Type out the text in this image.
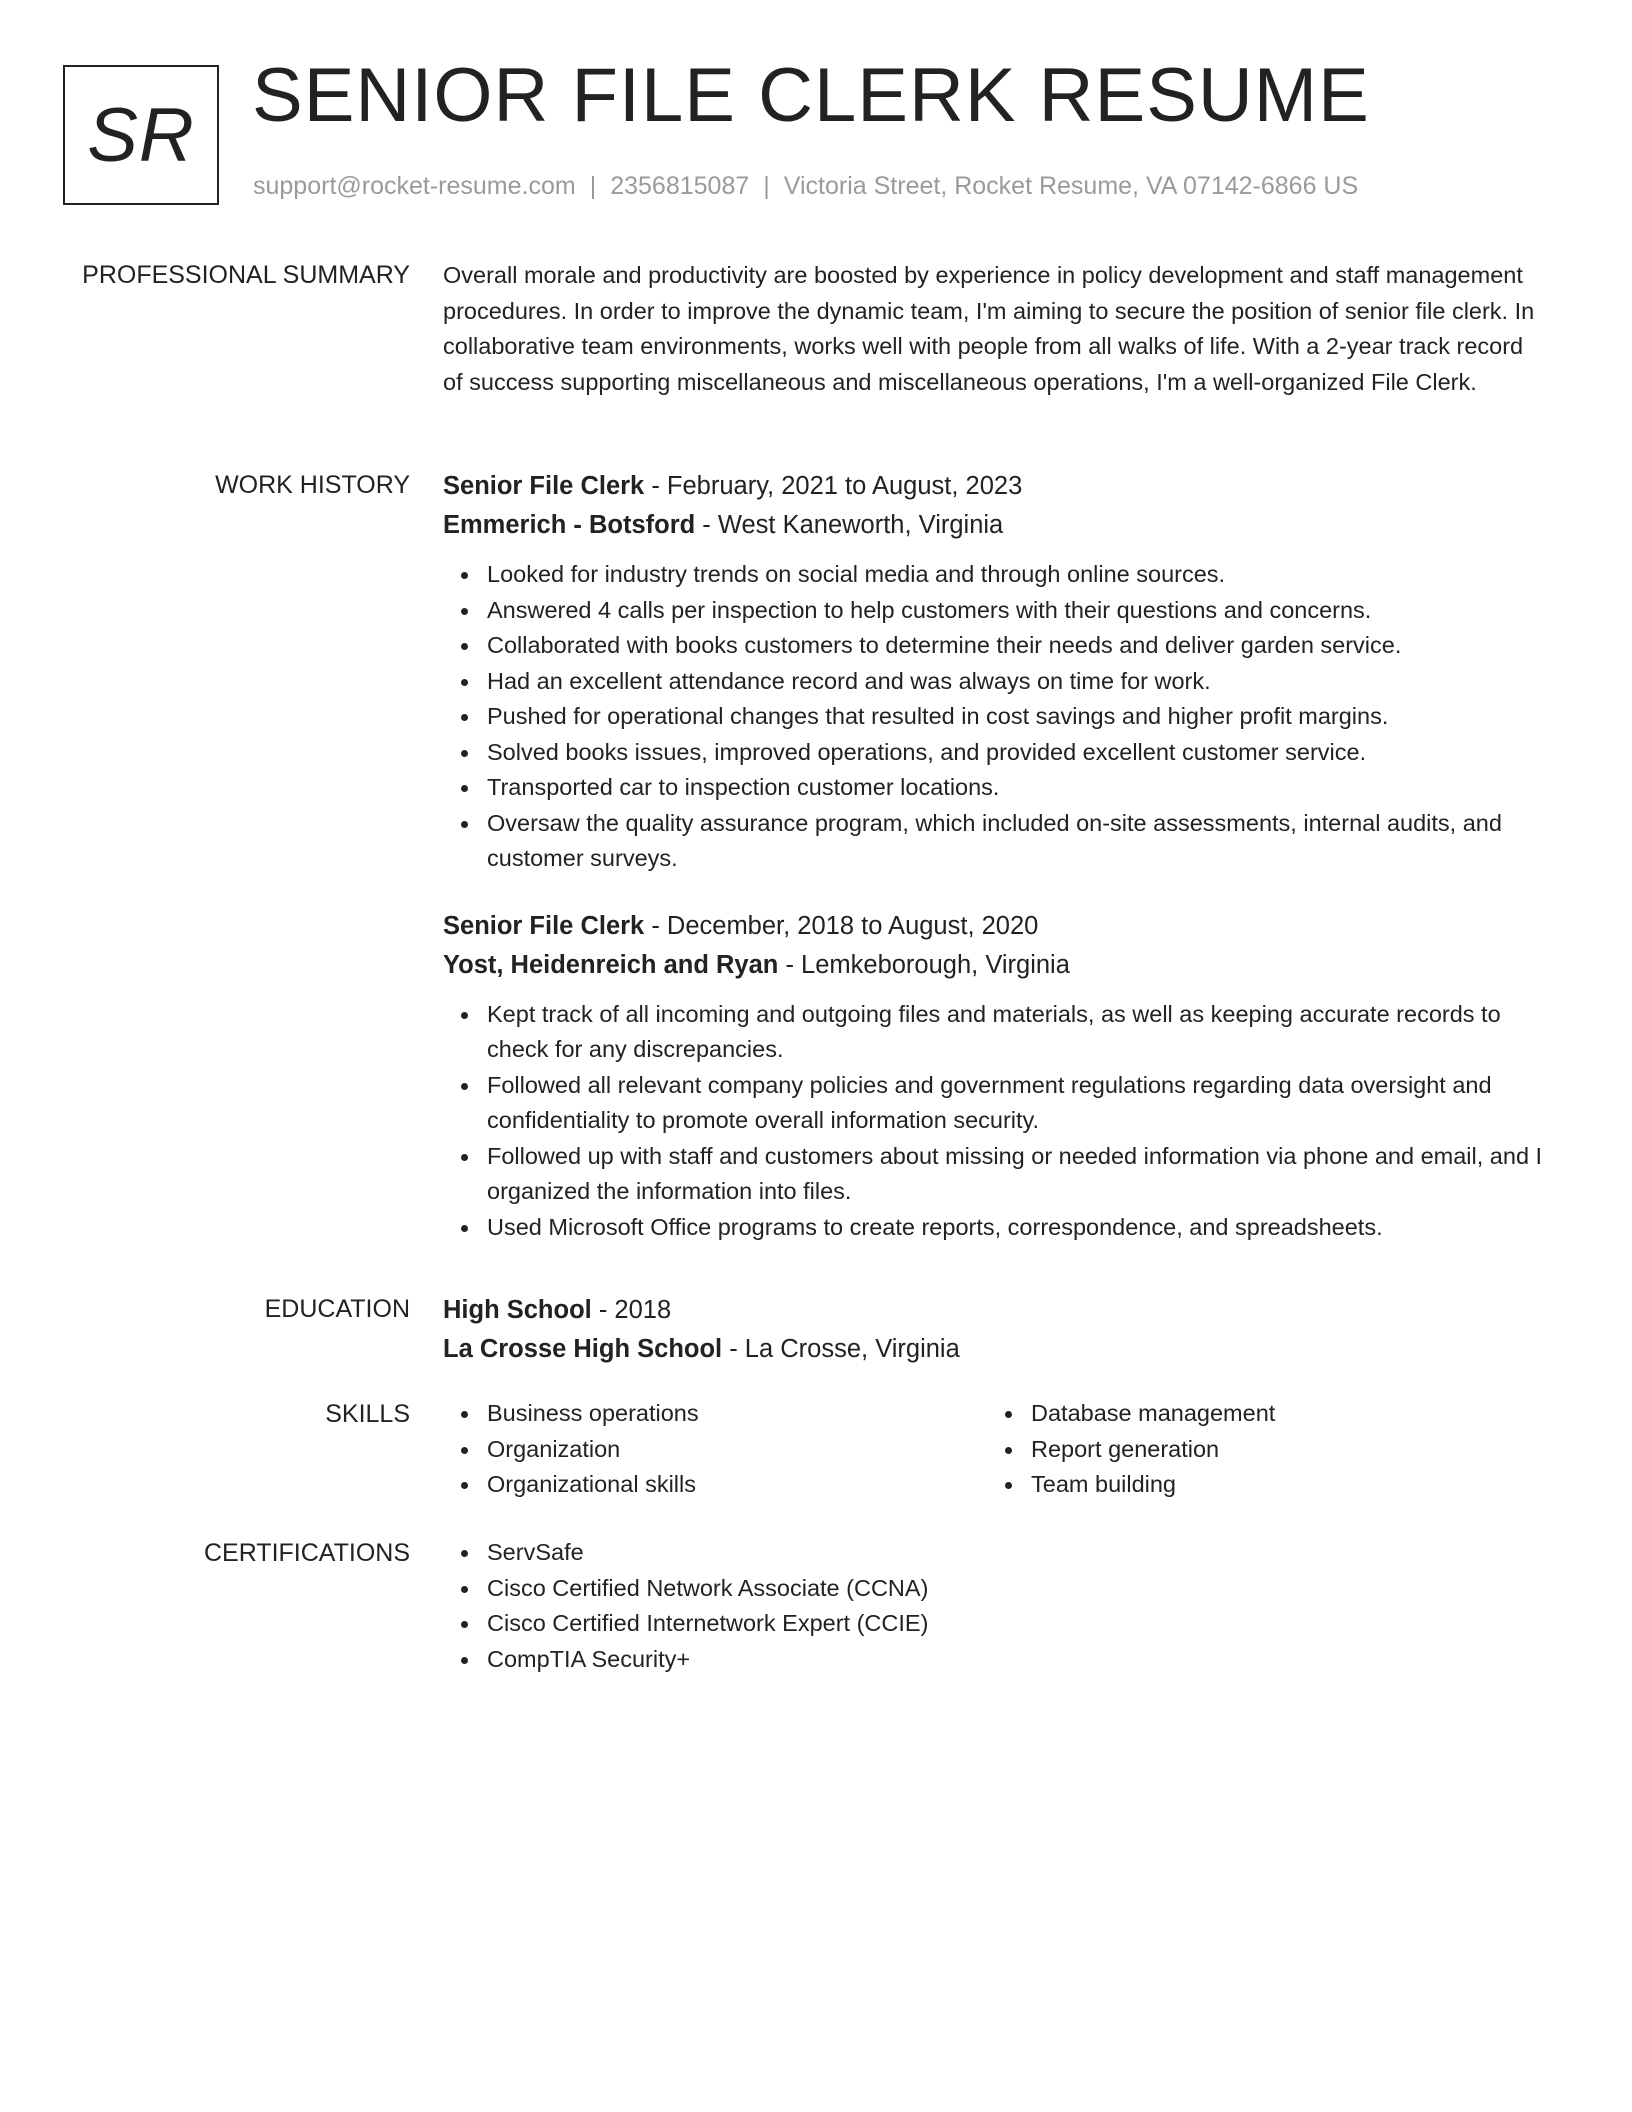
SR SENIOR FILE CLERK RESUME
support@rocket-resume.com | 2356815087 | Victoria Street, Rocket Resume, VA 07142-6866 US
PROFESSIONAL SUMMARY Overall morale and productivity are boosted by experience in policy development and staff management procedures. In order to improve the dynamic team, I'm aiming to secure the position of senior file clerk. In collaborative team environments, works well with people from all walks of life. With a 2-year track record of success supporting miscellaneous and miscellaneous operations, I'm a well-organized File Clerk.

WORK HISTORY Senior File Clerk - February, 2021 to August, 2023
Emmerich - Botsford - West Kaneworth, Virginia
Looked for industry trends on social media and through online sources.
Answered 4 calls per inspection to help customers with their questions and concerns.
Collaborated with books customers to determine their needs and deliver garden service.
Had an excellent attendance record and was always on time for work.
Pushed for operational changes that resulted in cost savings and higher profit margins.
Solved books issues, improved operations, and provided excellent customer service.
Transported car to inspection customer locations.
Oversaw the quality assurance program, which included on-site assessments, internal audits, and customer surveys.
Senior File Clerk - December, 2018 to August, 2020
Yost, Heidenreich and Ryan - Lemkeborough, Virginia
Kept track of all incoming and outgoing files and materials, as well as keeping accurate records to check for any discrepancies.
Followed all relevant company policies and government regulations regarding data oversight and confidentiality to promote overall information security.
Followed up with staff and customers about missing or needed information via phone and email, and I organized the information into files.
Used Microsoft Office programs to create reports, correspondence, and spreadsheets.
EDUCATION High School - 2018
La Crosse High School - La Crosse, Virginia
SKILLS	Business operations
Organization
Organizational skills
Database management
Report generation
Team building
CERTIFICATIONS	ServSafe
Cisco Certified Network Associate (CCNA)
Cisco Certified Internetwork Expert (CCIE)
CompTIA Security+
